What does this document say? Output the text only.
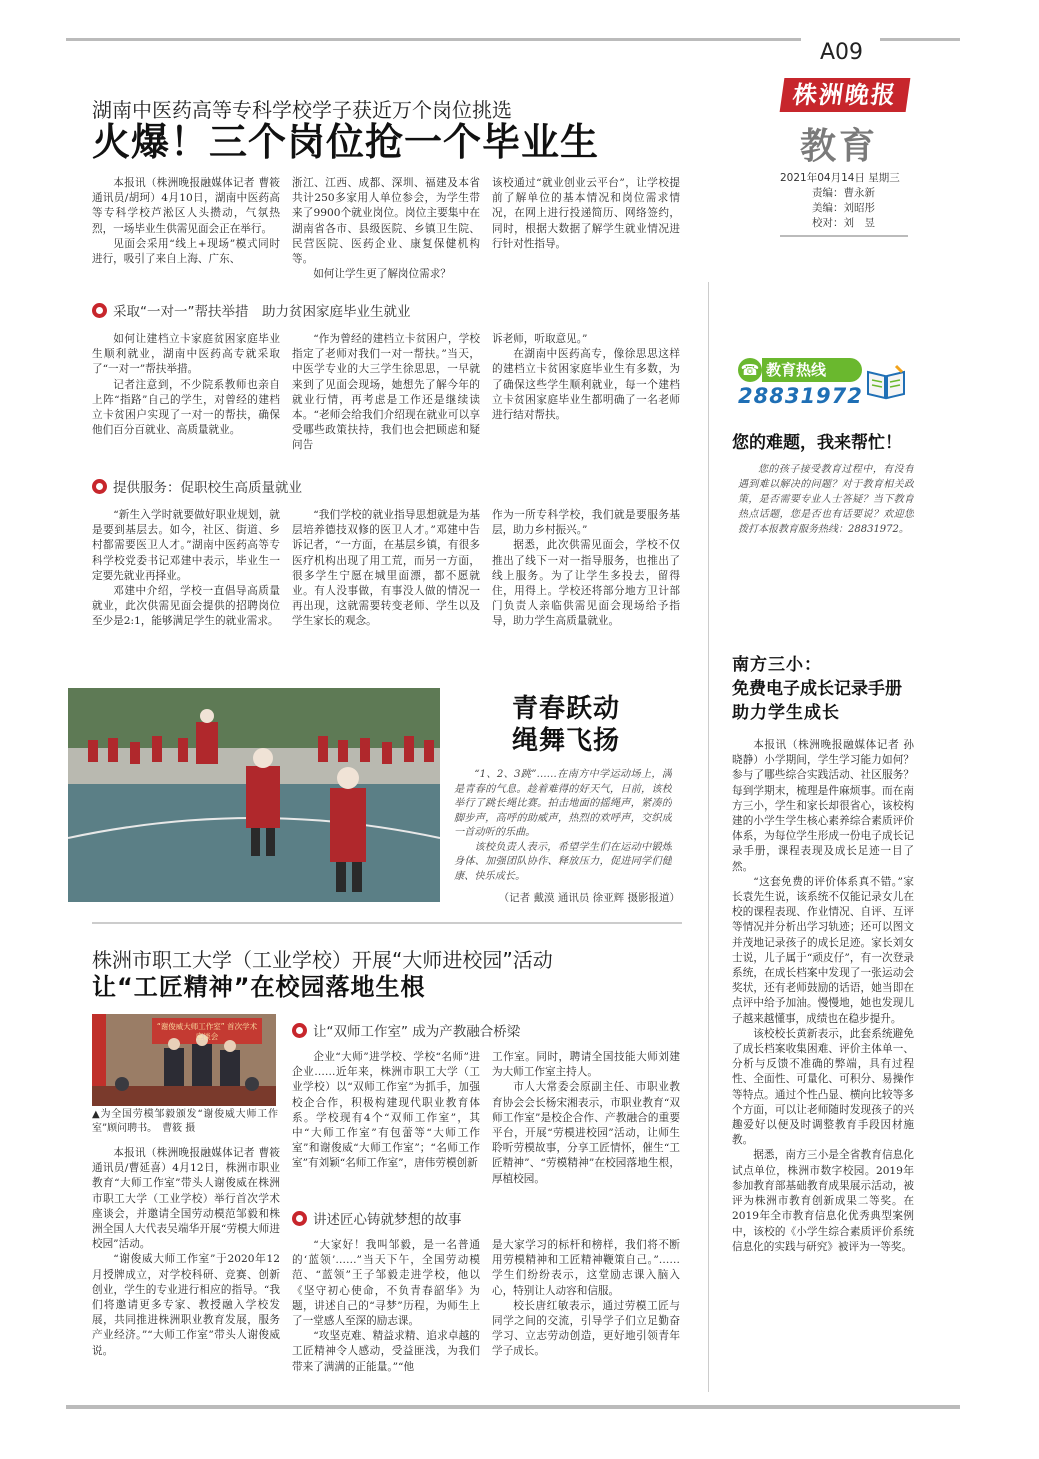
A09
株洲晚报
教育
2021年04月14日 星期三
责编：曹永新
美编：刘昭彤
校对：刘　昱
湖南中医药高等专科学校学子获近万个岗位挑选
火爆！三个岗位抢一个毕业生

本报讯（株洲晚报融媒体记者 曹筱 通讯员/胡珂）4月10日，湖南中医药高等专科学校芦淞区人头攒动，气氛热烈，一场毕业生供需见面会正在举行。

见面会采用“线上+现场”模式同时进行，吸引了来自上海、广东、

浙江、江西、成都、深圳、福建及本省共计250多家用人单位参会，为学生带来了9900个就业岗位。岗位主要集中在湖南省各市、县级医院、乡镇卫生院、民营医院、医药企业、康复保健机构等。

如何让学生更了解岗位需求？

该校通过“就业创业云平台”，让学校提前了解单位的基本情况和岗位需求情况，在网上进行投递简历、网络签约，同时，根据大数据了解学生就业情况进行针对性指导。

采取“一对一”帮扶举措　助力贫困家庭毕业生就业

如何让建档立卡家庭贫困家庭毕业生顺利就业，湖南中医药高专就采取了“一对一”帮扶举措。

记者注意到，不少院系教师也亲自上阵“指路”自己的学生，对曾经的建档立卡贫困户实现了一对一的帮扶，确保他们百分百就业、高质量就业。

“作为曾经的建档立卡贫困户，学校指定了老师对我们一对一帮扶。”当天，中医学专业的大三学生徐思思，一早就来到了见面会现场，她想先了解今年的就业行情，再考虑是工作还是继续读本。“老师会给我们介绍现在就业可以享受哪些政策扶持，我们也会把顾虑和疑问告

诉老师，听取意见。”

在湖南中医药高专，像徐思思这样的建档立卡贫困家庭毕业生有多数，为了确保这些学生顺利就业，每一个建档立卡贫困家庭毕业生都明确了一名老师进行结对帮扶。

提供服务：促职校生高质量就业

“新生入学时就要做好职业规划，就是要到基层去。如今，社区、街道、乡村都需要医卫人才。”湖南中医药高等专科学校党委书记邓建中表示，毕业生一定要先就业再择业。

邓建中介绍，学校一直倡导高质量就业，此次供需见面会提供的招聘岗位至少是2:1，能够满足学生的就业需求。

“我们学校的就业指导思想就是为基层培养德技双修的医卫人才。”邓建中告诉记者，“一方面，在基层乡镇，有很多医疗机构出现了用工荒，而另一方面，很多学生宁愿在城里面漂，都不愿就业。有人没事做，有事没人做的情况一再出现，这就需要转变老师、学生以及学生家长的观念。

作为一所专科学校，我们就是要服务基层，助力乡村振兴。”

据悉，此次供需见面会，学校不仅推出了线下一对一指导服务，也推出了线上服务。为了让学生多投去，留得住，用得上。学校还将部分地方卫计部门负责人亲临供需见面会现场给予指导，助力学生高质量就业。

青春跃动
绳舞飞扬

“1、2、3跳”……在南方中学运动场上，满是青春的气息。趁着难得的好天气，日前，该校举行了跳长绳比赛。拍击地面的摇绳声，紧凑的脚步声，高呼的助威声，热烈的欢呼声，交织成一首动听的乐曲。

该校负责人表示，希望学生们在运动中锻炼身体、加强团队协作、释放压力，促进同学们健康、快乐成长。

（记者 戴漠 通讯员 徐亚辉 摄影报道）
株洲市职工大学（工业学校）开展“大师进校园”活动
让“工匠精神”在校园落地生根
“谢俊威大师工作室” 首次学术座谈会

▲为全国劳模邹毅颁发“谢俊威大师工作室”顾问聘书。　曹筱 摄

本报讯（株洲晚报融媒体记者 曹筱 通讯员/曹延喜）4月12日，株洲市职业教育“大师工作室”带头人谢俊威在株洲市职工大学（工业学校）举行首次学术座谈会，并邀请全国劳动模范邹毅和株洲全国人大代表吴端华开展“劳模大师进校园”活动。

“谢俊威大师工作室”于2020年12月授牌成立，对学校科研、竞赛、创新创业，学生的专业进行相应的指导。“我们将邀请更多专家、教授融入学校发展，共同推进株洲职业教育发展，服务产业经济。”“大师工作室”带头人谢俊威说。

让“双师工作室” 成为产教融合桥梁

企业“大师”进学校、学校“名师”进企业……近年来，株洲市职工大学（工业学校）以“双师工作室”为抓手，加强校企合作，积极构建现代职业教育体系。学校现有4个“双师工作室”，其中“大师工作室”有包蕾等“大师工作室”和谢俊威“大师工作室”；“名师工作室”有刘颖“名师工作室”，唐伟劳模创新

工作室。同时，聘请全国技能大师刘建为大师工作室主持人。

市人大常委会原副主任、市职业教育协会会长杨宋湘表示，市职业教育“双师工作室”是校企合作、产教融合的重要平台，开展“劳模进校园”活动，让师生聆听劳模故事，分享工匠情怀，催生“工匠精神”、“劳模精神”在校园落地生根，厚植校园。

讲述匠心铸就梦想的故事

“大家好！我叫邹毅，是一名普通的‘蓝领’……”当天下午，全国劳动模范、“蓝领”王子邹毅走进学校，他以《坚守初心使命，不负青春韶华》为题，讲述自己的“寻梦”历程，为师生上了一堂感人至深的励志课。

“攻坚克难、精益求精、追求卓越的工匠精神令人感动，受益匪浅，为我们带来了满满的正能量。”“他

是大家学习的标杆和榜样，我们将不断用劳模精神和工匠精神鞭策自己。”……学生们纷纷表示，这堂励志课入脑入心，特别让人动容和信服。

校长唐红敏表示，通过劳模工匠与同学之间的交流，引导学子们立足勤奋学习、立志劳动创造，更好地引领青年学子成长。

☎ 教育热线
28831972
您的难题，我来帮忙！

您的孩子接受教育过程中，有没有遇到难以解决的问题？对于教育相关政策，是否需要专业人士答疑？当下教育热点话题，您是否也有话要说？欢迎您拨打本报教育服务热线：28831972。

南方三小：
免费电子成长记录手册
助力学生成长

本报讯（株洲晚报融媒体记者 孙晓静）小学期间，学生学习能力如何？参与了哪些综合实践活动、社区服务？每到学期末，梳理是件麻烦事。而在南方三小，学生和家长却很省心，该校构建的小学生学生核心素养综合素质评价体系，为每位学生形成一份电子成长记录手册，课程表现及成长足迹一目了然。

“这套免费的评价体系真不错。”家长袁先生说，该系统不仅能记录女儿在校的课程表现、作业情况、自评、互评等情况并分析出学习轨迹；还可以图文并茂地记录孩子的成长足迹。家长刘女士说，儿子属于“顽皮仔”，有一次登录系统，在成长档案中发现了一张运动会奖状，还有老师鼓励的话语，她当即在点评中给予加油。慢慢地，她也发现儿子越来越懂事，成绩也在稳步提升。

该校校长黄新表示，此套系统避免了成长档案收集困难、评价主体单一、分析与反馈不准确的弊端，具有过程性、全面性、可量化、可积分、易操作等特点。通过个性凸显、横向比较等多个方面，可以让老师随时发现孩子的兴趣爱好以便及时调整教育手段因材施教。

据悉，南方三小是全省教育信息化试点单位，株洲市数字校园。2019年参加教育部基础教育成果展示活动，被评为株洲市教育创新成果二等奖。在2019年全市教育信息化优秀典型案例中，该校的《小学生综合素质评价系统信息化的实践与研究》被评为一等奖。
